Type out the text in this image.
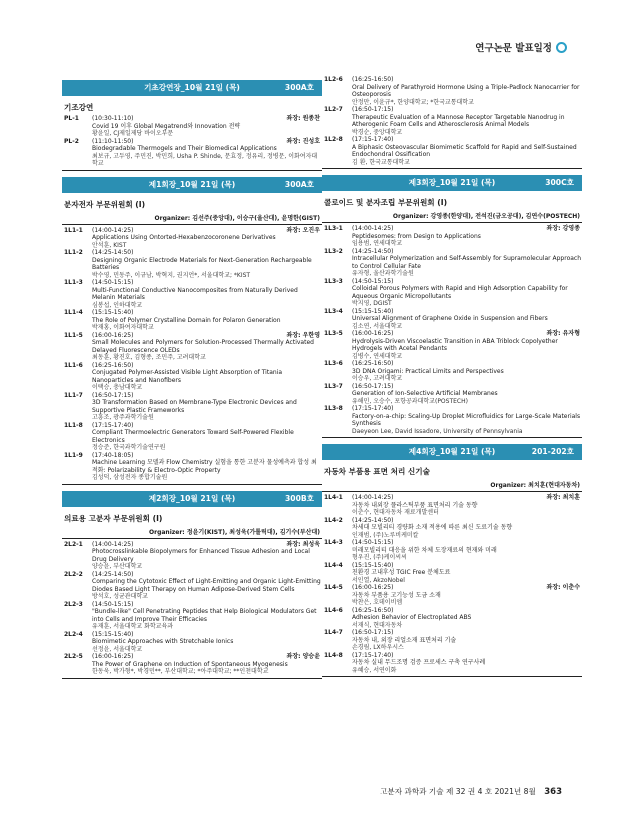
연구논문 발표일정
기초강연장_10월 21일 (목)	300A호
기조강연
PL-1	(10:30-11:10)	좌장: 원종찬
Covid 19 이후 Global Megatrend와 Innovation 전략
황윤일, CJ제일제당 바이오부문
PL-2	(11:10-11:50)	좌장: 진성호
Biodegradable Thermogels and Their Biomedical Applications
최보규, 고두영, 주민진, 박민희, Usha P. Shinde, 문효정, 정유리, 정병문, 이화여자대학교
제1회장_10월 21일 (목)	300A호
분자전자 부문위원회 (I)
Organizer: 김선주(중앙대), 이승구(울산대), 윤명한(GIST)
1L1-1	(14:00-14:25)	좌장: 오진우
Applications Using Ontorted-Hexabenzocoronene Derivatives
안석훈, KIST
1L1-2	(14:25-14:50)
Designing Organic Electrode Materials for Next-Generation Rechargeable Batteries
박수영, 민동주, 이규남, 박혁지, 권지언*, 서울대학교; *KIST
1L1-3	(14:50-15:15)
Multi-Functional Conductive Nanocomposites from Naturally Derived Melanin Materials
심봉섭, 인하대학교
1L1-4	(15:15-15:40)
The Role of Polymer Crystalline Domain for Polaron Generation
박재홍, 이화여자대학교
1L1-5	(16:00-16:25)	좌장: 우한영
Small Molecules and Polymers for Solution-Processed Thermally Activated Delayed Fluorescence OLEDs
최동훈, 황진호, 김형종, 조민주, 고려대학교
1L1-6	(16:25-16:50)
Conjugated Polymer-Assisted Visible Light Absorption of Titania Nanoparticles and Nanofibers
이택승, 충남대학교
1L1-7	(16:50-17:15)
3D Transformation Based on Membrane-Type Electronic Devices and Supportive Plastic Frameworks
고흥조, 광주과학기술원
1L1-8	(17:15-17:40)
Compliant Thermoelectric Generators Toward Self-Powered Flexible Electronics
정승준, 한국과학기술연구원
1L1-9	(17:40-18:05)
Machine Learning 모델과 Flow Chemistry 실험을 통한 고분자 물성예측과 합성 최적화: Polarizability & Electro-Optic Property
김성덕, 삼성전자 종합기술원
제2회장_10월 21일 (목)	300B호
의료용 고분자 부문위원회 (I)
Organizer: 정윤기(KIST), 최성욱(가톨릭대), 김기수(부산대)
2L2-1	(14:00-14:25)	좌장: 최성욱
Photocrosslinkable Biopolymers for Enhanced Tissue Adhesion and Local Drug Delivery
양승윤, 부산대학교
2L2-2	(14:25-14:50)
Comparing the Cytotoxic Effect of Light-Emitting and Organic Light-Emitting Diodes Based Light Therapy on Human Adipose-Derived Stem Cells
방석호, 성균관대학교
2L2-3	(14:50-15:15)
"Bundle-like" Cell Penetrating Peptides that Help Biological Modulators Get into Cells and Improve Their Efficacies
유재훈, 서울대학교 화학교육과
2L2-4	(15:15-15:40)
Biomimetic Approaches with Stretchable Ionics
선정윤, 서울대학교
2L2-5	(16:00-16:25)	좌장: 양승윤
The Power of Graphene on Induction of Spontaneous Myogenesis
한동욱, 박가형*, 박경민**, 부산대학교; *아주대학교; **인천대학교
1L2-6	(16:25-16:50)
Oral Delivery of Parathyroid Hormone Using a Triple-Padlock Nanocarrier for Osteoporosis
안정만, 이윤규*, 한양대학교; *한국교통대학교
1L2-7	(16:50-17:15)
Therapeutic Evaluation of a Mannose Receptor Targetable Nanodrug in Atherogenic Foam Cells and Atherosclerosis Animal Models
박경순, 중앙대학교
1L2-8	(17:15-17:40)
A Biphasic Osteovascular Biomimetic Scaffold for Rapid and Self-Sustained Endochondral Ossification
김 환, 한국교통대학교
제3회장_10월 21일 (목)	300C호
콜로이드 및 분자조립 부문위원회 (I)
Organizer: 강영종(한양대), 전석진(금오공대), 김연수(POSTECH)
1L3-1	(14:00-14:25)	좌장: 강영종
Peptidesomes: from Design to Applications
임용범, 연세대학교
1L3-2	(14:25-14:50)
Intracellular Polymerization and Self-Assembly for Supramolecular Approach to Control Cellular Fate
유자형, 울산과학기술원
1L3-3	(14:50-15:15)
Colloidal Porous Polymers with Rapid and High Adsorption Capability for Aqueous Organic Micropollutants
박지영, DGIST
1L3-4	(15:15-15:40)
Universal Alignment of Graphene Oxide in Suspension and Fibers
김소연, 서울대학교
1L3-5	(16:00-16:25)	좌장: 유자형
Hydrolysis-Driven Viscoelastic Transition in ABA Triblock Copolyether Hydrogels with Acetal Pendants
김병수, 연세대학교
1L3-6	(16:25-16:50)
3D DNA Origami: Practical Limits and Perspectives
이승우, 고려대학교
1L3-7	(16:50-17:15)
Generation of Ion-Selective Artificial Membranes
유해민, 오승수, 포항공과대학교(POSTECH)
1L3-8	(17:15-17:40)
Factory-on-a-chip: Scaling-Up Droplet Microfluidics for Large-Scale Materials Synthesis
Daeyeon Lee, David Issadore, University of Pennsylvania
제4회장_10월 21일 (목)	201-202호
자동차 부품용 표면 처리 신기술
Organizer: 최치훈(현대자동차)
1L4-1	(14:00-14:25)	좌장: 최치훈
자동차 내외장 플라스틱부품 표면처리 기술 동향
이춘수, 현대자동차 재료개발센터
1L4-2	(14:25-14:50)
차세대 모빌리티 경량화 소재 적용에 따른 최신 도료기술 동향
인재범, (주)노루비케미칼
1L4-3	(14:50-15:15)
미래모빌리티 대응을 위한 차체 도장재료의 현재와 미래
형우진, (주)케이씨씨
1L4-4	(15:15-15:40)
친환경 고내후성 TGIC Free 분체도료
서인열, AkzoNobel
1L4-5	(16:00-16:25)	좌장: 이춘수
자동차 부품용 고기능성 도금 소재
박찬은, 호데이비엠
1L4-6	(16:25-16:50)
Adhesion Behavior of Electroplated ABS
서재식, 현대자동차
1L4-7	(16:50-17:15)
자동차 내, 외장 리얼소재 표면처리 기술
손경림, LX하우시스
1L4-8	(17:15-17:40)
자동차 실내 무드조명 검증 프로세스 구축 연구사례
유혜승, 서연이화
고분자 과학과 기술 제 32 권 4 호 2021년 8월 363
